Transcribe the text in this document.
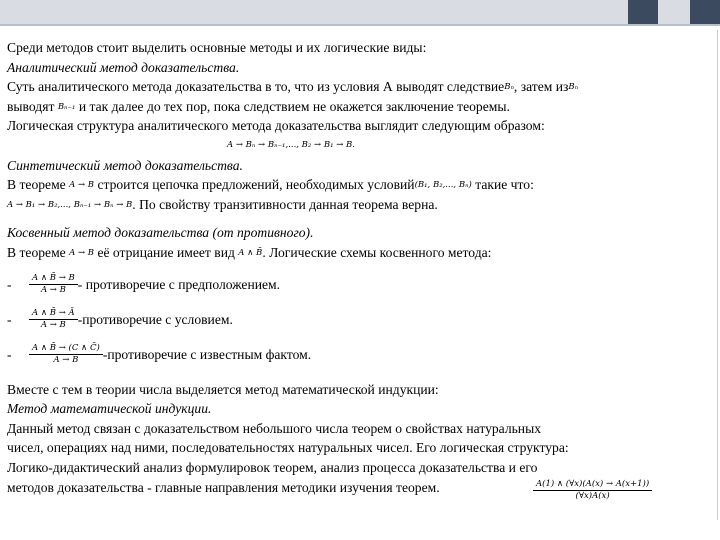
Среди методов стоит выделить основные методы и их логические виды:
Аналитический метод доказательства.
Суть аналитического метода доказательства в то, что из условия А выводят следствиеBₙ, затем изBₙ
выводят Bₙ₋₁ и так далее до тех пор, пока следствием не окажется заключение теоремы.
Логическая структура аналитического метода доказательства выглядит следующим образом:
A → Bₙ → Bₙ₋₁,..., B₂ → B₁ → B.
Синтетический метод доказательства.
В теореме A → B строится цепочка предложений, необходимых условий(B₁, B₂,..., Bₙ) такие что:
A → B₁ → B₂,..., Bₙ₋₁ → Bₙ → B. По свойству транзитивности данная теорема верна.
Косвенный метод доказательства (от противного).
В теореме A → B её отрицание имеет вид A ∧ B̄. Логические схемы косвенного метода:
-	$\frac{A \wedge B̄ \to B}{A \to B}$ - противоречие с предположением.
-	$\frac{A \wedge B̄ \to Ā}{A \to B}$ -противоречие с условием.
-	$\frac{A \wedge B̄ \to (C \wedge C̄)}{A \to B}$ -противоречие с известным фактом.
Вместе с тем в теории числа выделяется метод математической индукции:
Метод математической индукции.
Данный метод связан с доказательством небольшого числа теорем о свойствах натуральных
чисел, операциях над ними, последовательностях натуральных чисел. Его логическая структура:
Логико-дидактический анализ формулировок теорем, анализ процесса доказательства и его
методов доказательства - главные направления методики изучения теорем.	$\frac{A(1) \wedge (\forall x)(A(x) \to A(x+1))}{(\forall x)A(x)}$
